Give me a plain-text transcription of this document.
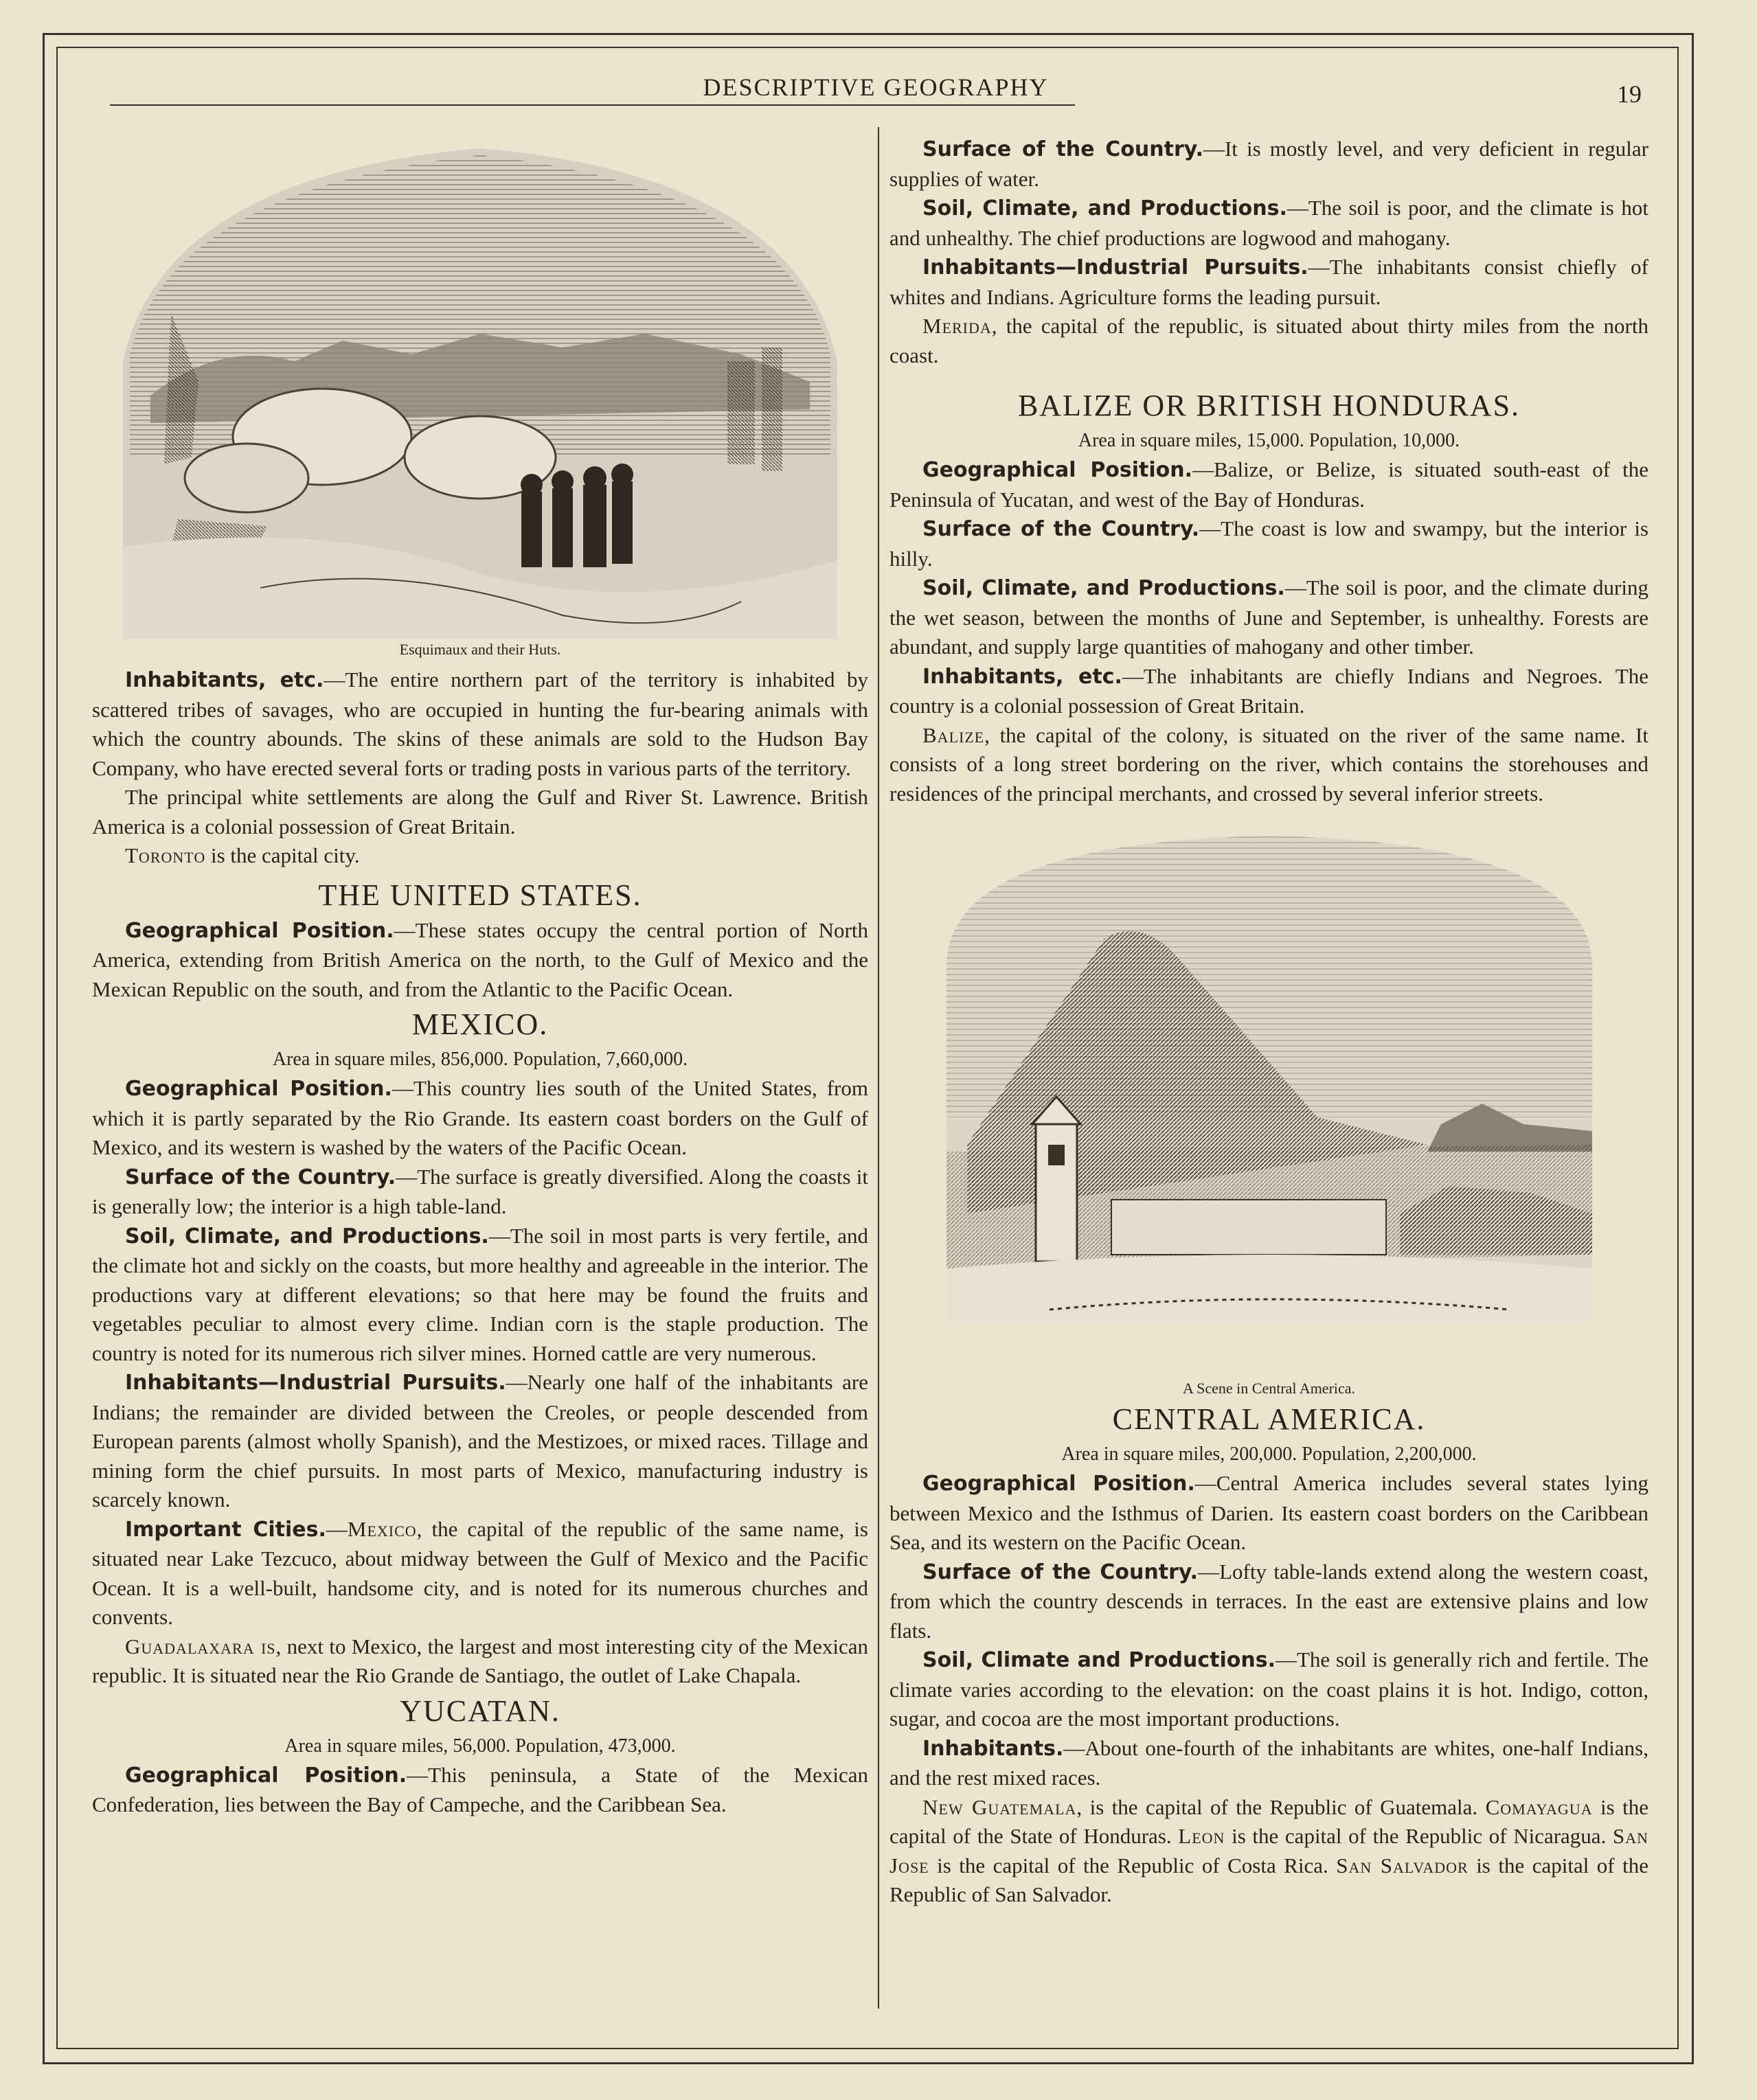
DESCRIPTIVE GEOGRAPHY	19
Esquimaux and their Huts.

Inhabitants, etc.—The entire northern part of the territory is inhabited by scattered tribes of savages, who are occupied in hunting the fur-bearing animals with which the country abounds. The skins of these animals are sold to the Hudson Bay Company, who have erected several forts or trading posts in various parts of the territory.

The principal white settlements are along the Gulf and River St. Lawrence. British America is a colonial possession of Great Britain.

Toronto is the capital city.

THE UNITED STATES.

Geographical Position.—These states occupy the central portion of North America, extending from British America on the north, to the Gulf of Mexico and the Mexican Republic on the south, and from the Atlantic to the Pacific Ocean.

MEXICO.
Area in square miles, 856,000. Population, 7,660,000.

Geographical Position.—This country lies south of the United States, from which it is partly separated by the Rio Grande. Its eastern coast borders on the Gulf of Mexico, and its western is washed by the waters of the Pacific Ocean.

Surface of the Country.—The surface is greatly diversified. Along the coasts it is generally low; the interior is a high table-land.

Soil, Climate, and Productions.—The soil in most parts is very fertile, and the climate hot and sickly on the coasts, but more healthy and agreeable in the interior. The productions vary at different elevations; so that here may be found the fruits and vegetables peculiar to almost every clime. Indian corn is the staple production. The country is noted for its numerous rich silver mines. Horned cattle are very numerous.

Inhabitants—Industrial Pursuits.—Nearly one half of the inhabitants are Indians; the remainder are divided between the Creoles, or people descended from European parents (almost wholly Spanish), and the Mestizoes, or mixed races. Tillage and mining form the chief pursuits. In most parts of Mexico, manufacturing industry is scarcely known.

Important Cities.—Mexico, the capital of the republic of the same name, is situated near Lake Tezcuco, about midway between the Gulf of Mexico and the Pacific Ocean. It is a well-built, handsome city, and is noted for its numerous churches and convents.

Guadalaxara is, next to Mexico, the largest and most interesting city of the Mexican republic. It is situated near the Rio Grande de Santiago, the outlet of Lake Chapala.

YUCATAN.
Area in square miles, 56,000. Population, 473,000.

Geographical Position.—This peninsula, a State of the Mexican Confederation, lies between the Bay of Campeche, and the Caribbean Sea.

Surface of the Country.—It is mostly level, and very deficient in regular supplies of water.

Soil, Climate, and Productions.—The soil is poor, and the climate is hot and unhealthy. The chief productions are logwood and mahogany.

Inhabitants—Industrial Pursuits.—The inhabitants consist chiefly of whites and Indians. Agriculture forms the leading pursuit.

Merida, the capital of the republic, is situated about thirty miles from the north coast.

BALIZE OR BRITISH HONDURAS.
Area in square miles, 15,000. Population, 10,000.

Geographical Position.—Balize, or Belize, is situated south-east of the Peninsula of Yucatan, and west of the Bay of Honduras.

Surface of the Country.—The coast is low and swampy, but the interior is hilly.

Soil, Climate, and Productions.—The soil is poor, and the climate during the wet season, between the months of June and September, is unhealthy. Forests are abundant, and supply large quantities of mahogany and other timber.

Inhabitants, etc.—The inhabitants are chiefly Indians and Negroes. The country is a colonial possession of Great Britain.

Balize, the capital of the colony, is situated on the river of the same name. It consists of a long street bordering on the river, which contains the storehouses and residences of the principal merchants, and crossed by several inferior streets.

A Scene in Central America.
CENTRAL AMERICA.
Area in square miles, 200,000. Population, 2,200,000.

Geographical Position.—Central America includes several states lying between Mexico and the Isthmus of Darien. Its eastern coast borders on the Caribbean Sea, and its western on the Pacific Ocean.

Surface of the Country.—Lofty table-lands extend along the western coast, from which the country descends in terraces. In the east are extensive plains and low flats.

Soil, Climate and Productions.—The soil is generally rich and fertile. The climate varies according to the elevation: on the coast plains it is hot. Indigo, cotton, sugar, and cocoa are the most important productions.

Inhabitants.—About one-fourth of the inhabitants are whites, one-half Indians, and the rest mixed races.

New Guatemala, is the capital of the Republic of Guatemala. Comayagua is the capital of the State of Honduras. Leon is the capital of the Republic of Nicaragua. San Jose is the capital of the Republic of Costa Rica. San Salvador is the capital of the Republic of San Salvador.
